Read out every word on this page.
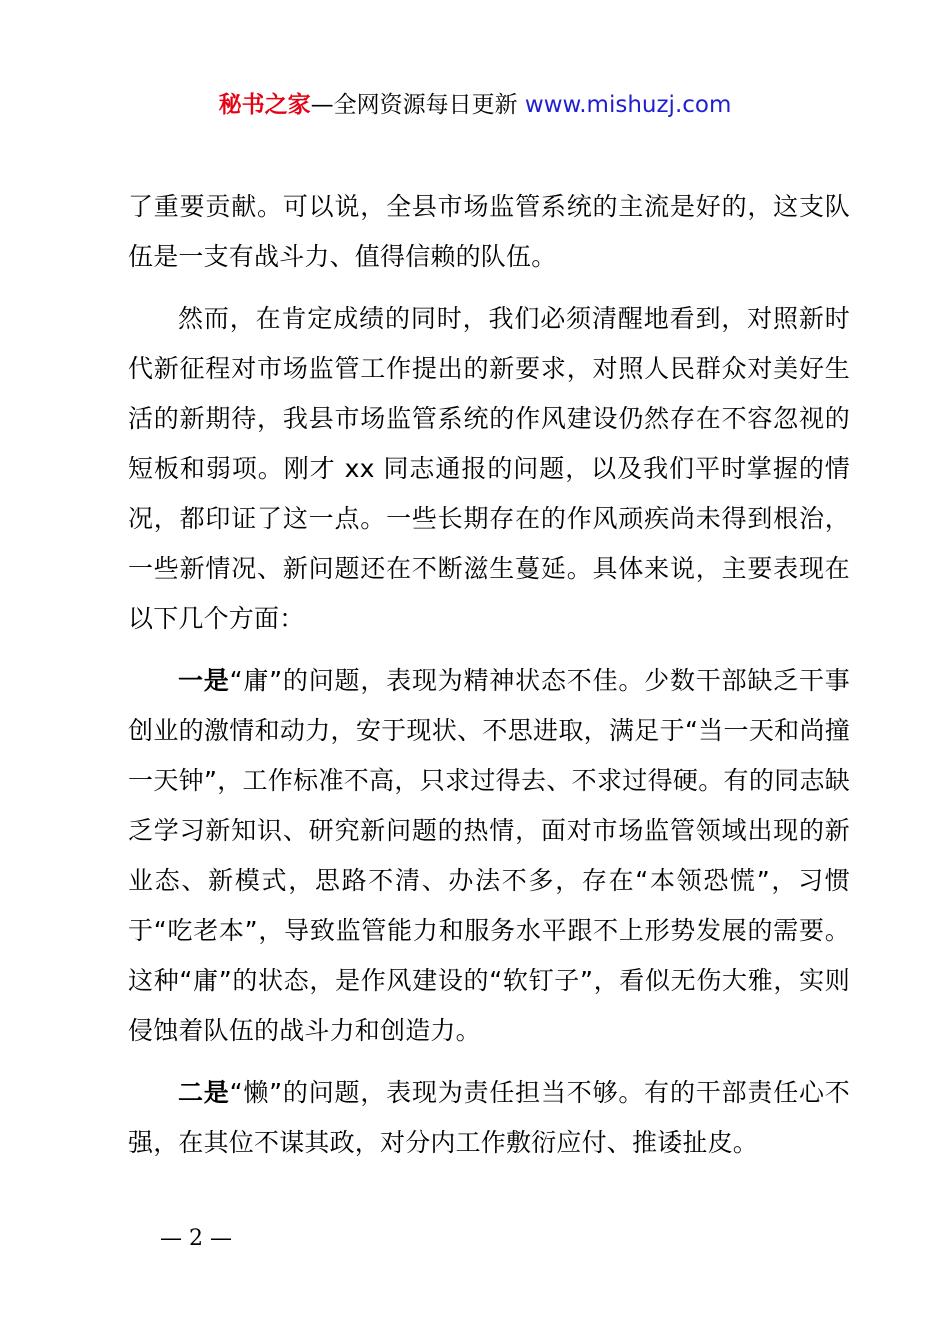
秘书之家—全网资源每日更新 www.mishuzj.com

了重要贡献。可以说，全县市场监管系统的主流是好的，这支队伍是一支有战斗力、值得信赖的队伍。

然而，在肯定成绩的同时，我们必须清醒地看到，对照新时代新征程对市场监管工作提出的新要求，对照人民群众对美好生活的新期待，我县市场监管系统的作风建设仍然存在不容忽视的短板和弱项。刚才 xx 同志通报的问题，以及我们平时掌握的情况，都印证了这一点。一些长期存在的作风顽疾尚未得到根治，一些新情况、新问题还在不断滋生蔓延。具体来说，主要表现在以下几个方面：

一是“庸”的问题，表现为精神状态不佳。少数干部缺乏干事创业的激情和动力，安于现状、不思进取，满足于“当一天和尚撞一天钟”，工作标准不高，只求过得去、不求过得硬。有的同志缺乏学习新知识、研究新问题的热情，面对市场监管领域出现的新业态、新模式，思路不清、办法不多，存在“本领恐慌”，习惯于“吃老本”，导致监管能力和服务水平跟不上形势发展的需要。这种“庸”的状态，是作风建设的“软钉子”，看似无伤大雅，实则侵蚀着队伍的战斗力和创造力。

二是“懒”的问题，表现为责任担当不够。有的干部责任心不强，在其位不谋其政，对分内工作敷衍应付、推诿扯皮。

— 2 —
